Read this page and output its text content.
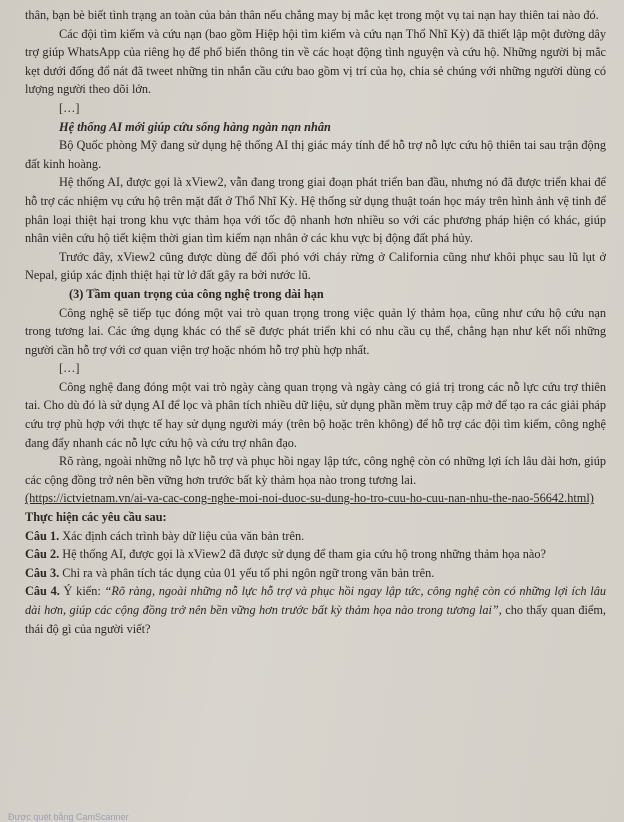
thân, bạn bè biết tình trạng an toàn của bản thân nếu chẳng may bị mắc kẹt trong một vụ tai nạn hay thiên tai nào đó.

Các đội tìm kiếm và cứu nạn (bao gồm Hiệp hội tìm kiếm và cứu nạn Thổ Nhĩ Kỳ) đã thiết lập một đường dây trợ giúp WhatsApp của riêng họ để phổ biến thông tin về các hoạt động tình nguyện và cứu hộ. Những người bị mắc kẹt dưới đống đổ nát đã tweet những tin nhắn cầu cứu bao gồm vị trí của họ, chia sẻ chúng với những người dùng có lượng người theo dõi lớn.

[…]

Hệ thống AI mới giúp cứu sống hàng ngàn nạn nhân

Bộ Quốc phòng Mỹ đang sử dụng hệ thống AI thị giác máy tính để hỗ trợ nỗ lực cứu hộ thiên tai sau trận động đất kinh hoàng.

Hệ thống AI, được gọi là xView2, vẫn đang trong giai đoạn phát triển ban đầu, nhưng nó đã được triển khai để hỗ trợ các nhiệm vụ cứu hộ trên mặt đất ở Thổ Nhĩ Kỳ. Hệ thống sử dụng thuật toán học máy trên hình ảnh vệ tinh để phân loại thiệt hại trong khu vực thảm họa với tốc độ nhanh hơn nhiều so với các phương pháp hiện có khác, giúp nhân viên cứu hộ tiết kiệm thời gian tìm kiếm nạn nhân ở các khu vực bị động đất phá hủy.

Trước đây, xView2 cũng được dùng để đối phó với cháy rừng ở California cũng như khôi phục sau lũ lụt ở Nepal, giúp xác định thiệt hại từ lở đất gây ra bởi nước lũ.

(3) Tầm quan trọng của công nghệ trong dài hạn

Công nghệ sẽ tiếp tục đóng một vai trò quan trọng trong việc quản lý thảm họa, cũng như cứu hộ cứu nạn trong tương lai. Các ứng dụng khác có thể sẽ được phát triển khi có nhu cầu cụ thể, chẳng hạn như kết nối những người cần hỗ trợ với cơ quan viện trợ hoặc nhóm hỗ trợ phù hợp nhất.

[…]

Công nghệ đang đóng một vai trò ngày càng quan trọng và ngày càng có giá trị trong các nỗ lực cứu trợ thiên tai. Cho dù đó là sử dụng AI để lọc và phân tích nhiều dữ liệu, sử dụng phần mềm truy cập mở để tạo ra các giải pháp cứu trợ phù hợp với thực tế hay sử dụng người máy (trên bộ hoặc trên không) để hỗ trợ các đội tìm kiếm, công nghệ đang đẩy nhanh các nỗ lực cứu hộ và cứu trợ nhân đạo.

Rõ ràng, ngoài những nỗ lực hỗ trợ và phục hồi ngay lập tức, công nghệ còn có những lợi ích lâu dài hơn, giúp các cộng đồng trở nên bền vững hơn trước bất kỳ thảm họa nào trong tương lai.

(https://ictvietnam.vn/ai-va-cac-cong-nghe-moi-noi-duoc-su-dung-ho-tro-cuu-ho-cuu-nan-nhu-the-nao-56642.html)

Thực hiện các yêu cầu sau:

Câu 1. Xác định cách trình bày dữ liệu của văn bản trên.

Câu 2. Hệ thống AI, được gọi là xView2 đã được sử dụng để tham gia cứu hộ trong những thảm họa nào?

Câu 3. Chỉ ra và phân tích tác dụng của 01 yếu tố phi ngôn ngữ trong văn bản trên.

Câu 4. Ý kiến: “Rõ ràng, ngoài những nỗ lực hỗ trợ và phục hồi ngay lập tức, công nghệ còn có những lợi ích lâu dài hơn, giúp các cộng đồng trở nên bền vững hơn trước bất kỳ thảm họa nào trong tương lai”, cho thấy quan điểm, thái độ gì của người viết?

Được quét bằng CamScanner
